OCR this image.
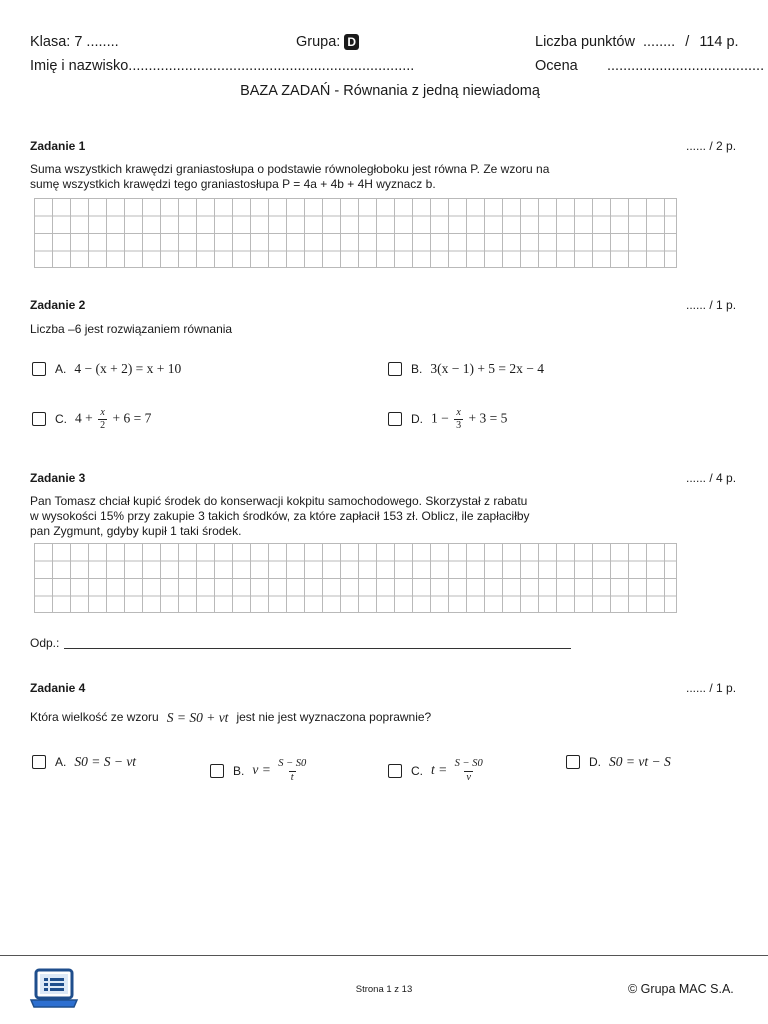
Klasa: 7 ........	Grupa: D	Liczba punktów ........ / 114 p.
Imię i nazwisko.......................................................................	Ocena .......................................
BAZA ZADAŃ - Równania z jedną niewiadomą
Zadanie 1	...... / 2 p.
Suma wszystkich krawędzi graniastosłupa o podstawie równoległoboku jest równa P. Ze wzoru na
sumę wszystkich krawędzi tego graniastosłupa P = 4a + 4b + 4H wyznacz b.
Zadanie 2	...... / 1 p.
Liczba –6 jest rozwiązaniem równania
A. 4 − (x + 2) = x + 10	B. 3(x − 1) + 5 = 2x − 4
C. $4 + \frac{x}{2} + 6 = 7$	D. $1 - \frac{x}{3} + 3 = 5$
Zadanie 3	...... / 4 p.
Pan Tomasz chciał kupić środek do konserwacji kokpitu samochodowego. Skorzystał z rabatu
w wysokości 15% przy zakupie 3 takich środków, za które zapłacił 153 zł. Oblicz, ile zapłaciłby
pan Zygmunt, gdyby kupił 1 taki środek.
Odp.:
Zadanie 4	...... / 1 p.
Która wielkość ze wzoru S = S0 + vt jest nie jest wyznaczona poprawnie?
A. S0 = S − vt
B. $v = \frac{S - S0}{t}$	C. $t = \frac{S - S0}{v}$	D. S0 = vt − S
Strona 1 z 13	© Grupa MAC S.A.
